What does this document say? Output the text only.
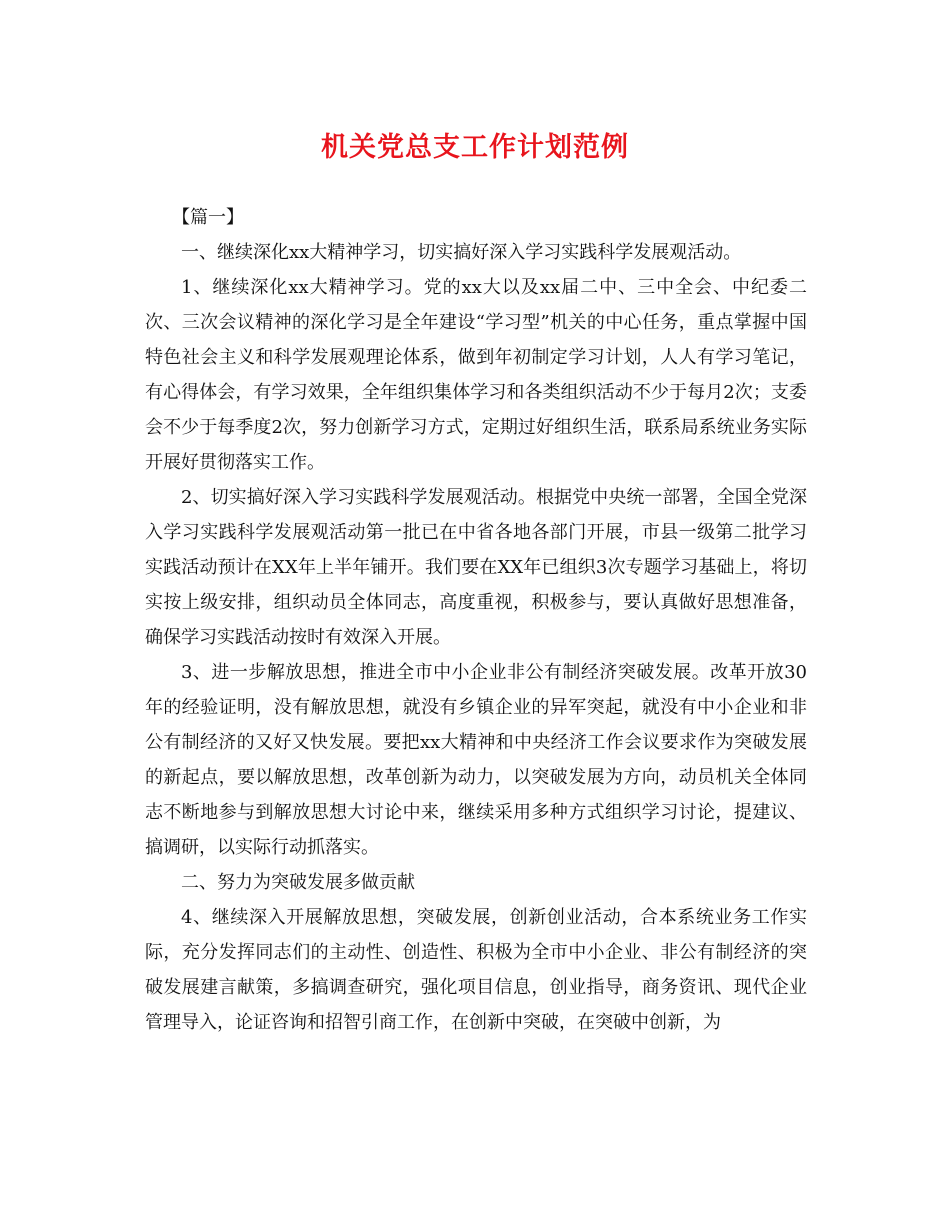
机关党总支工作计划范例

【篇一】

一、继续深化xx大精神学习，切实搞好深入学习实践科学发展观活动。

1、继续深化xx大精神学习。党的xx大以及xx届二中、三中全会、中纪委二次、三次会议精神的深化学习是全年建设“学习型”机关的中心任务，重点掌握中国特色社会主义和科学发展观理论体系，做到年初制定学习计划，人人有学习笔记，有心得体会，有学习效果，全年组织集体学习和各类组织活动不少于每月2次；支委会不少于每季度2次，努力创新学习方式，定期过好组织生活，联系局系统业务实际开展好贯彻落实工作。

2、切实搞好深入学习实践科学发展观活动。根据党中央统一部署，全国全党深入学习实践科学发展观活动第一批已在中省各地各部门开展，市县一级第二批学习实践活动预计在XX年上半年铺开。我们要在XX年已组织3次专题学习基础上，将切实按上级安排，组织动员全体同志，高度重视，积极参与，要认真做好思想准备，确保学习实践活动按时有效深入开展。

3、进一步解放思想，推进全市中小企业非公有制经济突破发展。改革开放30年的经验证明，没有解放思想，就没有乡镇企业的异军突起，就没有中小企业和非公有制经济的又好又快发展。要把xx大精神和中央经济工作会议要求作为突破发展的新起点，要以解放思想，改革创新为动力，以突破发展为方向，动员机关全体同志不断地参与到解放思想大讨论中来，继续采用多种方式组织学习讨论，提建议、搞调研，以实际行动抓落实。

二、努力为突破发展多做贡献

4、继续深入开展解放思想，突破发展，创新创业活动，合本系统业务工作实际，充分发挥同志们的主动性、创造性、积极为全市中小企业、非公有制经济的突破发展建言献策，多搞调查研究，强化项目信息，创业指导，商务资讯、现代企业管理导入，论证咨询和招智引商工作，在创新中突破，在突破中创新，为
